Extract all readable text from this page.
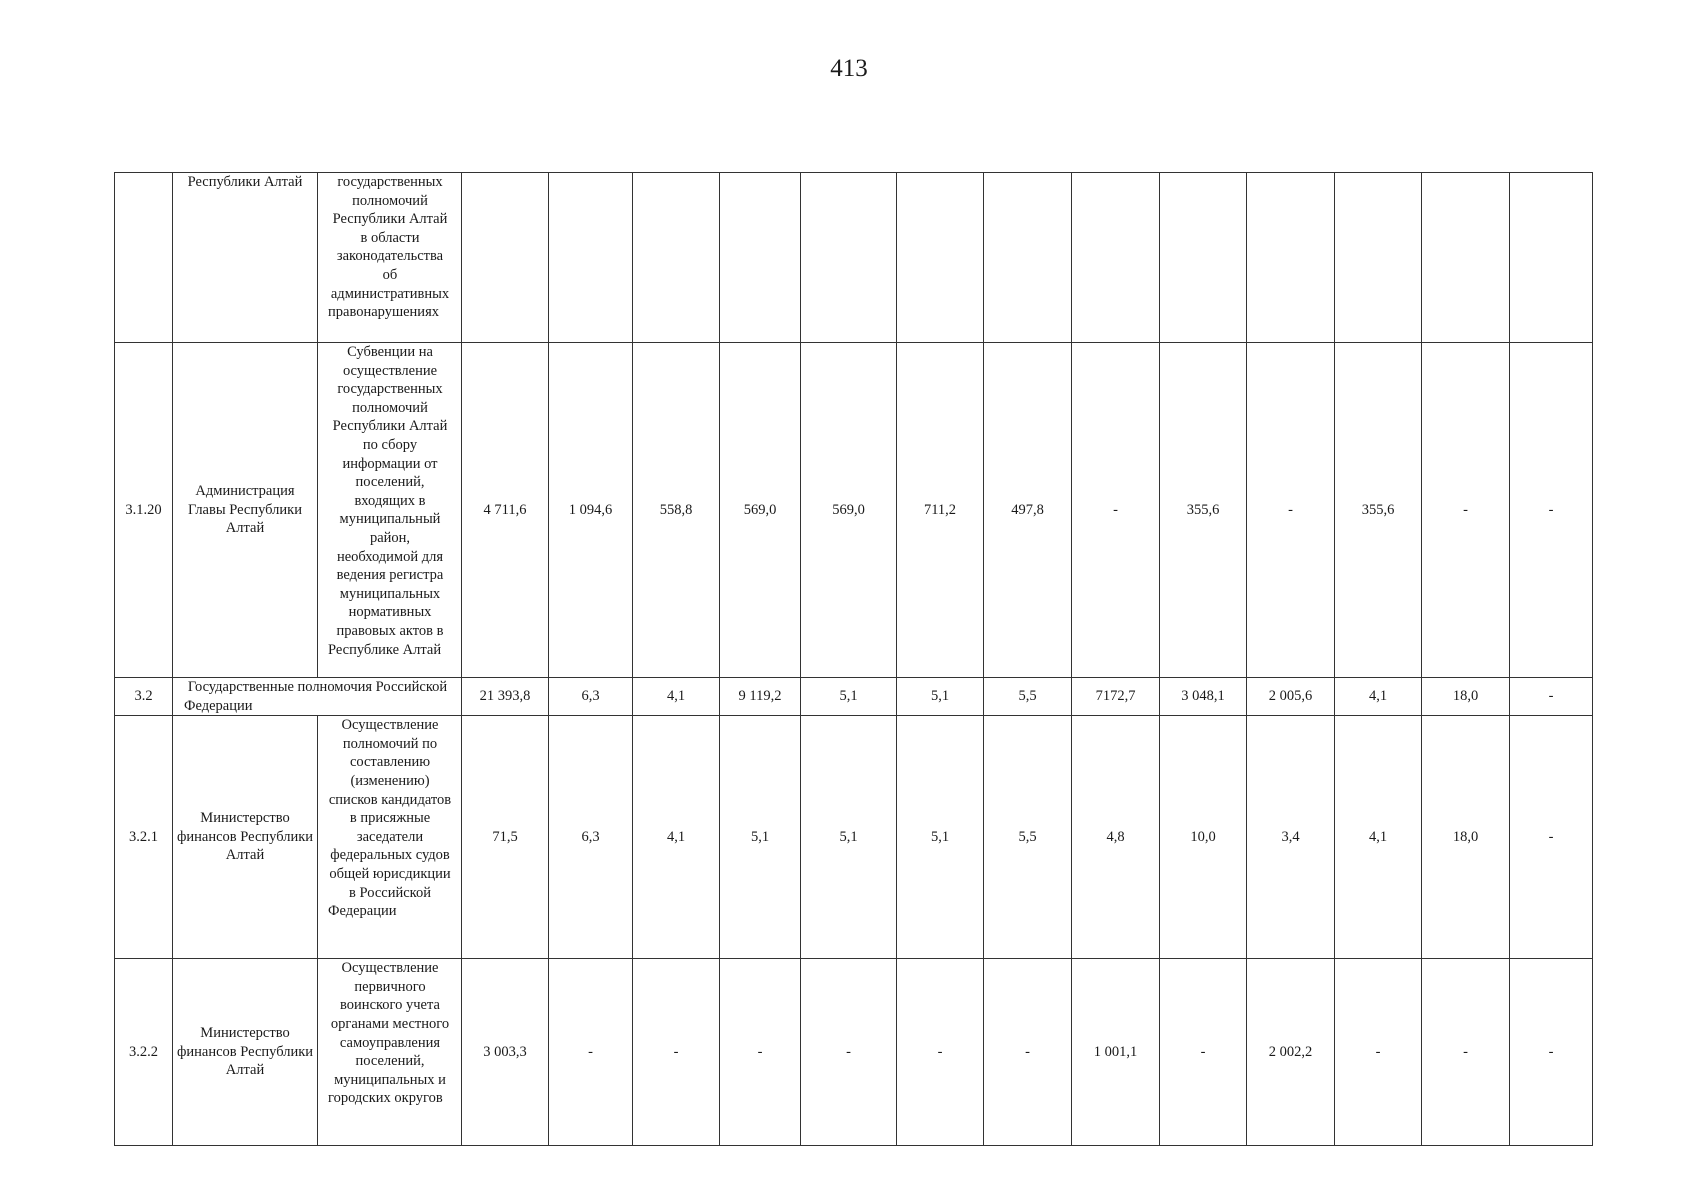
413
	Республики Алтай	государственных полномочий Республики Алтай в области законодательства об административных правонарушениях													
3.1.20	Администрация Главы Республики Алтай	Субвенции на осуществление государственных полномочий Республики Алтай по сбору информации от поселений, входящих в муниципальный район, необходимой для ведения регистра муниципальных нормативных правовых актов в Республике Алтай	4 711,6	1 094,6	558,8	569,0	569,0	711,2	497,8	-	355,6	-	355,6	-	-
3.2	Государственные полномочия Российской Федерации		21 393,8	6,3	4,1	9 119,2	5,1	5,1	5,5	7172,7	3 048,1	2 005,6	4,1	18,0	-
3.2.1	Министерство финансов Республики Алтай	Осуществление полномочий по составлению (изменению) списков кандидатов в присяжные заседатели федеральных судов общей юрисдикции в Российской Федерации	71,5	6,3	4,1	5,1	5,1	5,1	5,5	4,8	10,0	3,4	4,1	18,0	-
3.2.2	Министерство финансов Республики Алтай	Осуществление первичного воинского учета органами местного самоуправления поселений, муниципальных и городских округов	3 003,3	-	-	-	-	-	-	1 001,1	-	2 002,2	-	-	-
